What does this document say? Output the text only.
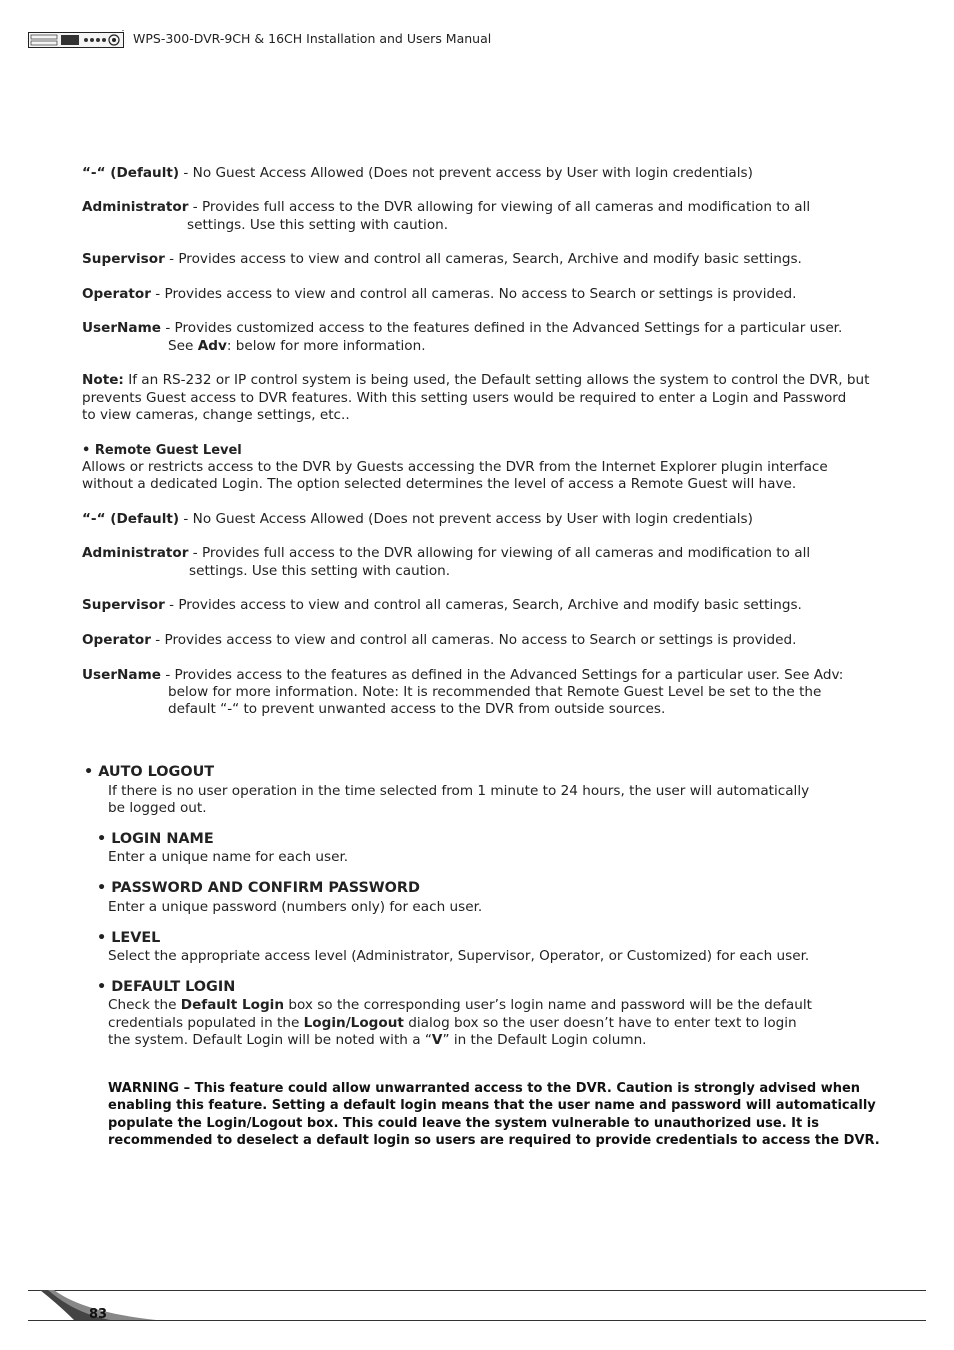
WPS-300-DVR-9CH & 16CH Installation and Users Manual
“-“ (Default) - No Guest Access Allowed (Does not prevent access by User with login credentials)
Administrator - Provides full access to the DVR allowing for viewing of all cameras and modification to all
settings. Use this setting with caution.
Supervisor - Provides access to view and control all cameras, Search, Archive and modify basic settings.
Operator - Provides access to view and control all cameras. No access to Search or settings is provided.
UserName - Provides customized access to the features defined in the Advanced Settings for a particular user.
See Adv: below for more information.
Note: If an RS-232 or IP control system is being used, the Default setting allows the system to control the DVR, but
prevents Guest access to DVR features. With this setting users would be required to enter a Login and Password
to view cameras, change settings, etc..
• Remote Guest Level
Allows or restricts access to the DVR by Guests accessing the DVR from the Internet Explorer plugin interface
without a dedicated Login. The option selected determines the level of access a Remote Guest will have.
“-“ (Default) - No Guest Access Allowed (Does not prevent access by User with login credentials)
Administrator - Provides full access to the DVR allowing for viewing of all cameras and modification to all
settings. Use this setting with caution.
Supervisor - Provides access to view and control all cameras, Search, Archive and modify basic settings.
Operator - Provides access to view and control all cameras. No access to Search or settings is provided.
UserName - Provides access to the features as defined in the Advanced Settings for a particular user. See Adv:
below for more information. Note: It is recommended that Remote Guest Level be set to the the
default “-“ to prevent unwanted access to the DVR from outside sources.
• AUTO LOGOUT
If there is no user operation in the time selected from 1 minute to 24 hours, the user will automatically
be logged out.
• LOGIN NAME
Enter a unique name for each user.
• PASSWORD AND CONFIRM PASSWORD
Enter a unique password (numbers only) for each user.
• LEVEL
Select the appropriate access level (Administrator, Supervisor, Operator, or Customized) for each user.
• DEFAULT LOGIN
Check the Default Login box so the corresponding user’s login name and password will be the default
credentials populated in the Login/Logout dialog box so the user doesn’t have to enter text to login
the system. Default Login will be noted with a “V” in the Default Login column.
WARNING – This feature could allow unwarranted access to the DVR. Caution is strongly advised when
enabling this feature. Setting a default login means that the user name and password will automatically
populate the Login/Logout box. This could leave the system vulnerable to unauthorized use. It is
recommended to deselect a default login so users are required to provide credentials to access the DVR.
83
